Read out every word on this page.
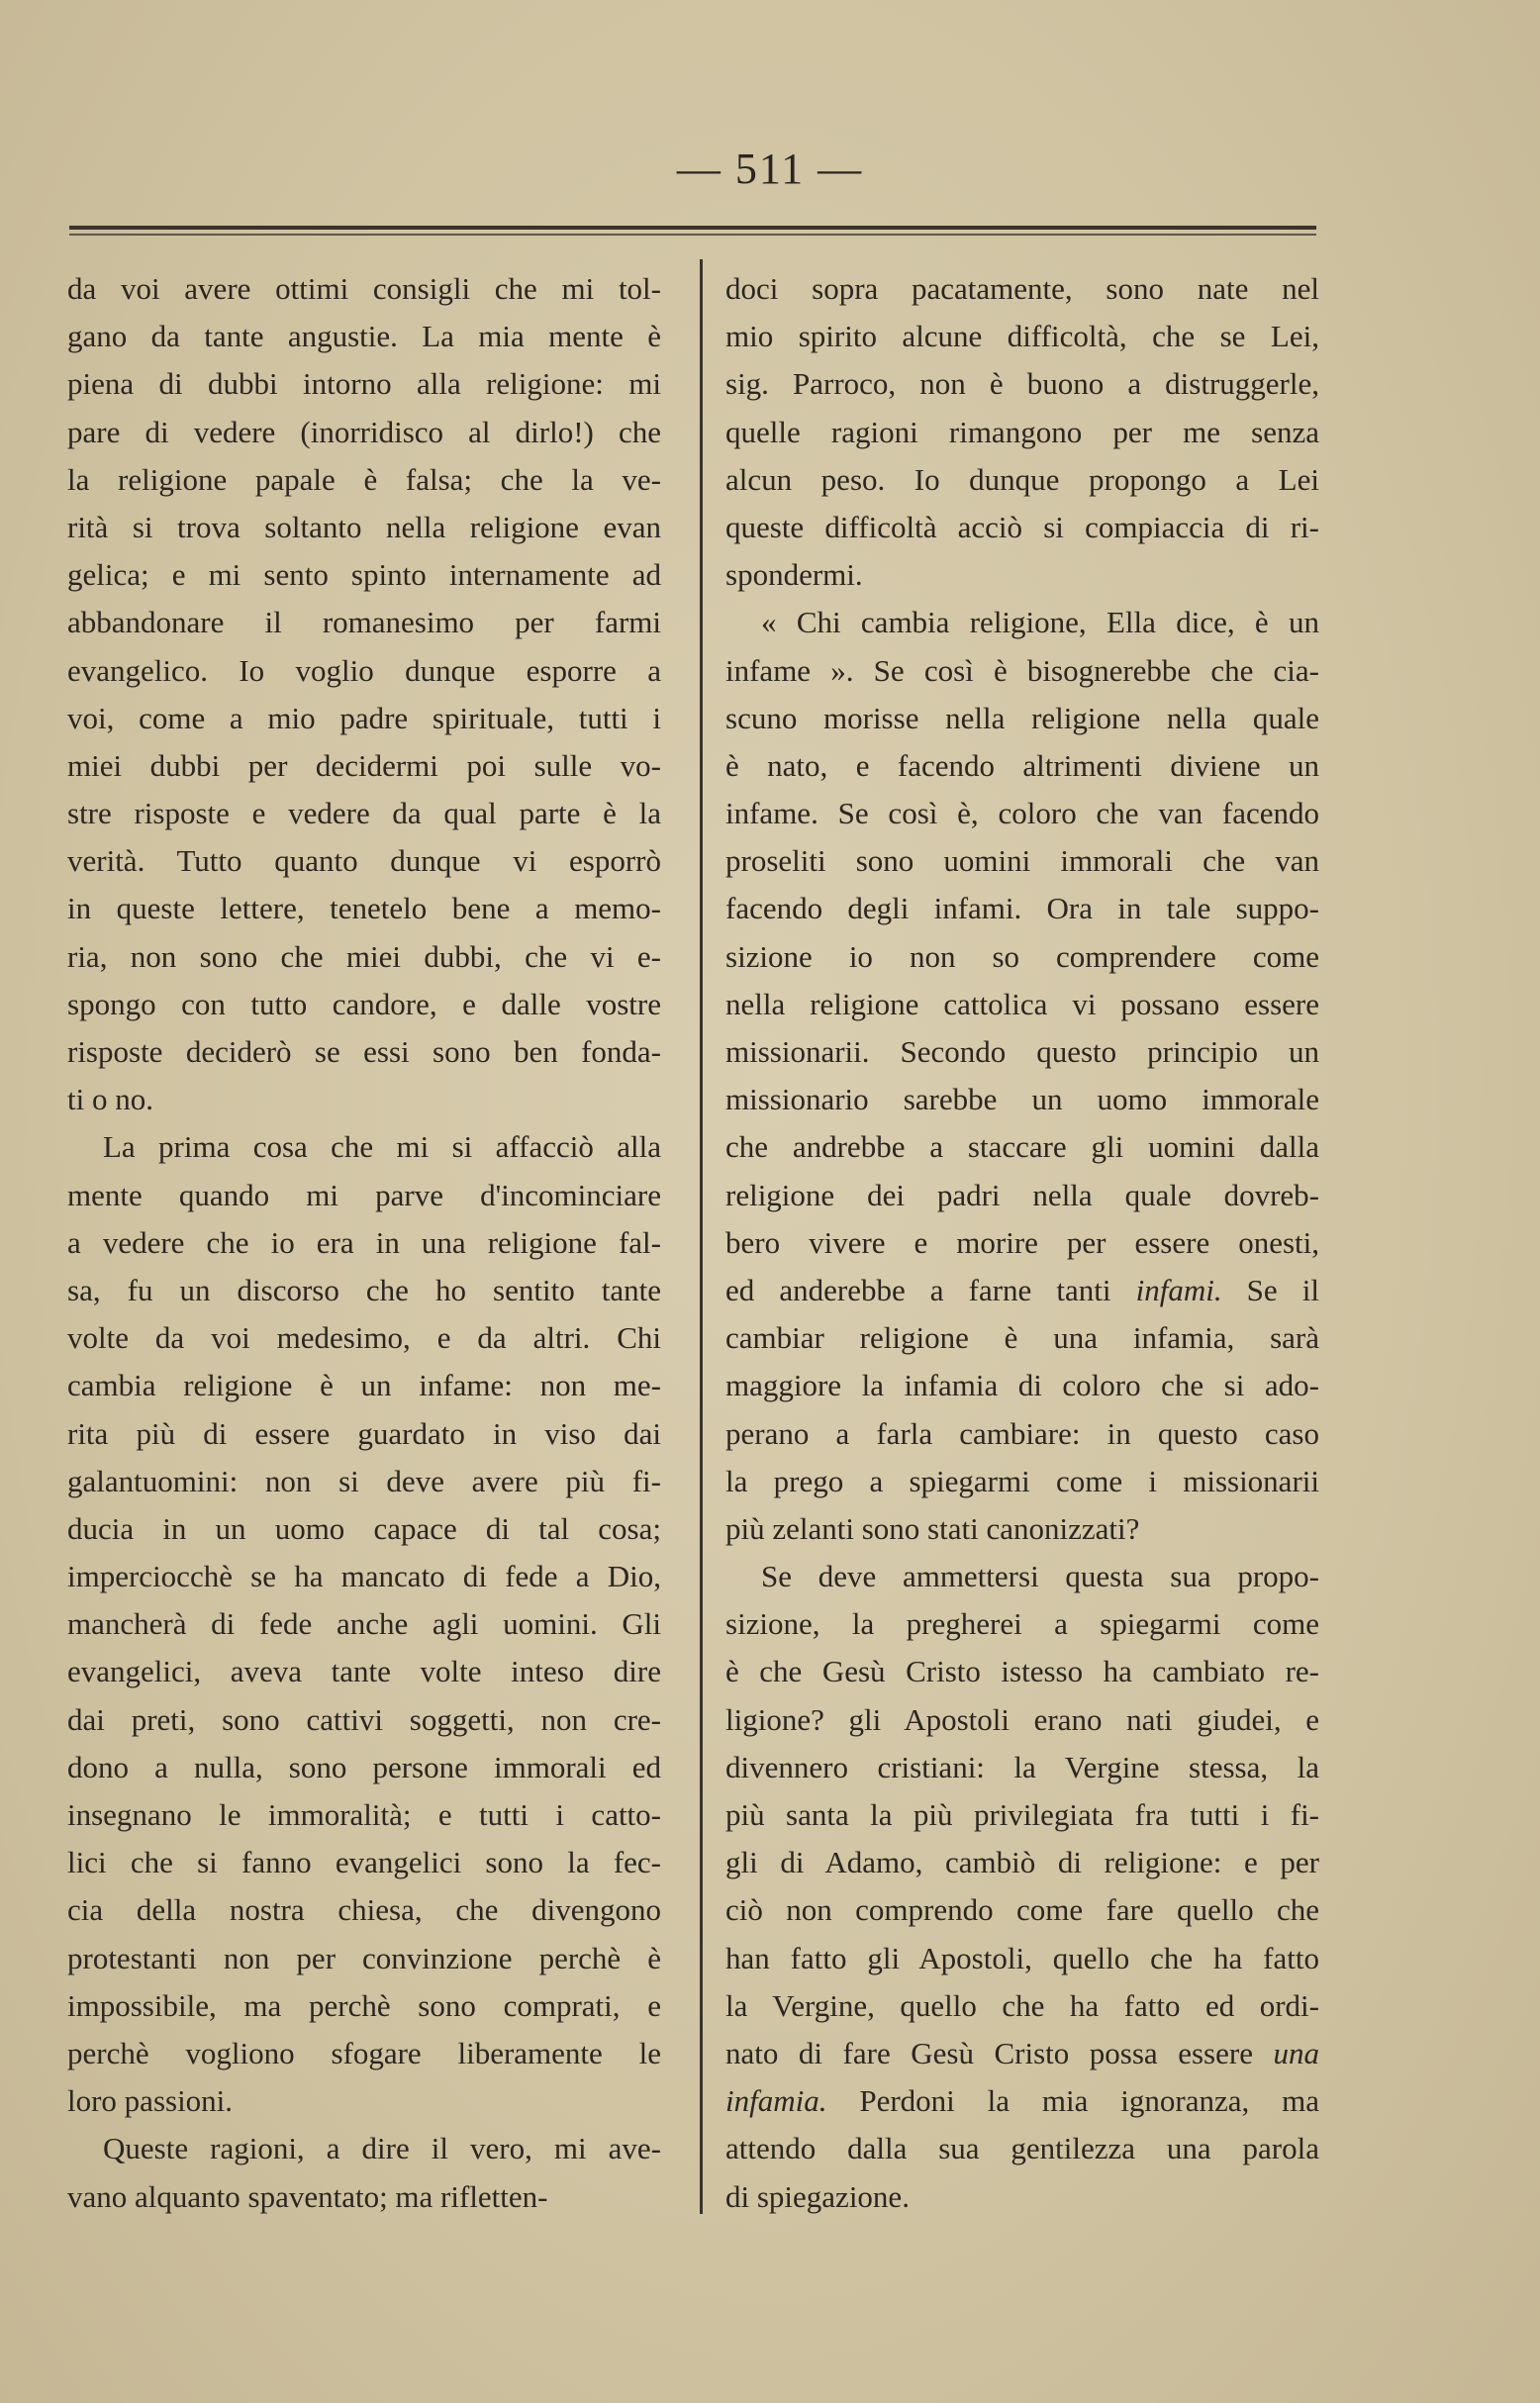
— 511 —
da voi avere ottimi consigli che mi tol-
gano da tante angustie. La mia mente è
piena di dubbi intorno alla religione: mi
pare di vedere (inorridisco al dirlo!) che
la religione papale è falsa; che la ve-
rità si trova soltanto nella religione evan
gelica; e mi sento spinto internamente ad
abbandonare il romanesimo per farmi
evangelico. Io voglio dunque esporre a
voi, come a mio padre spirituale, tutti i
miei dubbi per decidermi poi sulle vo-
stre risposte e vedere da qual parte è la
verità. Tutto quanto dunque vi esporrò
in queste lettere, tenetelo bene a memo-
ria, non sono che miei dubbi, che vi e-
spongo con tutto candore, e dalle vostre
risposte deciderò se essi sono ben fonda-
ti o no.
La prima cosa che mi si affacciò alla
mente quando mi parve d'incominciare
a vedere che io era in una religione fal-
sa, fu un discorso che ho sentito tante
volte da voi medesimo, e da altri. Chi
cambia religione è un infame: non me-
rita più di essere guardato in viso dai
galantuomini: non si deve avere più fi-
ducia in un uomo capace di tal cosa;
imperciocchè se ha mancato di fede a Dio,
mancherà di fede anche agli uomini. Gli
evangelici, aveva tante volte inteso dire
dai preti, sono cattivi soggetti, non cre-
dono a nulla, sono persone immorali ed
insegnano le immoralità; e tutti i catto-
lici che si fanno evangelici sono la fec-
cia della nostra chiesa, che divengono
protestanti non per convinzione perchè è
impossibile, ma perchè sono comprati, e
perchè vogliono sfogare liberamente le
loro passioni.
Queste ragioni, a dire il vero, mi ave-
vano alquanto spaventato; ma rifletten-
doci sopra pacatamente, sono nate nel
mio spirito alcune difficoltà, che se Lei,
sig. Parroco, non è buono a distruggerle,
quelle ragioni rimangono per me senza
alcun peso. Io dunque propongo a Lei
queste difficoltà acciò si compiaccia di ri-
spondermi.
« Chi cambia religione, Ella dice, è un
infame ». Se così è bisognerebbe che cia-
scuno morisse nella religione nella quale
è nato, e facendo altrimenti diviene un
infame. Se così è, coloro che van facendo
proseliti sono uomini immorali che van
facendo degli infami. Ora in tale suppo-
sizione io non so comprendere come
nella religione cattolica vi possano essere
missionarii. Secondo questo principio un
missionario sarebbe un uomo immorale
che andrebbe a staccare gli uomini dalla
religione dei padri nella quale dovreb-
bero vivere e morire per essere onesti,
ed anderebbe a farne tanti infami. Se il
cambiar religione è una infamia, sarà
maggiore la infamia di coloro che si ado-
perano a farla cambiare: in questo caso
la prego a spiegarmi come i missionarii
più zelanti sono stati canonizzati?
Se deve ammettersi questa sua propo-
sizione, la pregherei a spiegarmi come
è che Gesù Cristo istesso ha cambiato re-
ligione? gli Apostoli erano nati giudei, e
divennero cristiani: la Vergine stessa, la
più santa la più privilegiata fra tutti i fi-
gli di Adamo, cambiò di religione: e per
ciò non comprendo come fare quello che
han fatto gli Apostoli, quello che ha fatto
la Vergine, quello che ha fatto ed ordi-
nato di fare Gesù Cristo possa essere una
infamia. Perdoni la mia ignoranza, ma
attendo dalla sua gentilezza una parola
di spiegazione.
